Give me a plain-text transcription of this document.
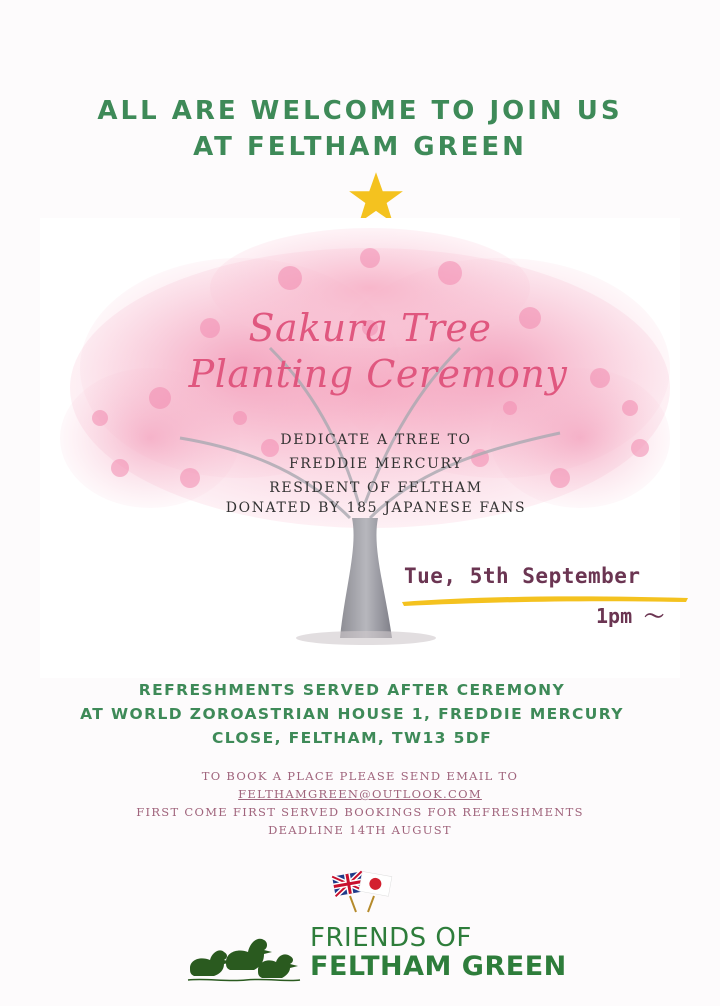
ALL ARE WELCOME TO JOIN US
AT FELTHAM GREEN
Sakura Tree
Planting Ceremony
DEDICATE A TREE TO
FREDDIE MERCURY
RESIDENT OF FELTHAM
DONATED BY 185 JAPANESE FANS
Tue, 5th September
1pm ～
REFRESHMENTS SERVED AFTER CEREMONY
AT WORLD ZOROASTRIAN HOUSE 1, FREDDIE MERCURY
CLOSE, FELTHAM, TW13 5DF
TO BOOK A PLACE PLEASE SEND EMAIL TO
FELTHAMGREEN@OUTLOOK.COM
FIRST COME FIRST SERVED BOOKINGS FOR REFRESHMENTS
DEADLINE 14TH AUGUST
FRIENDS OF
FELTHAM GREEN
